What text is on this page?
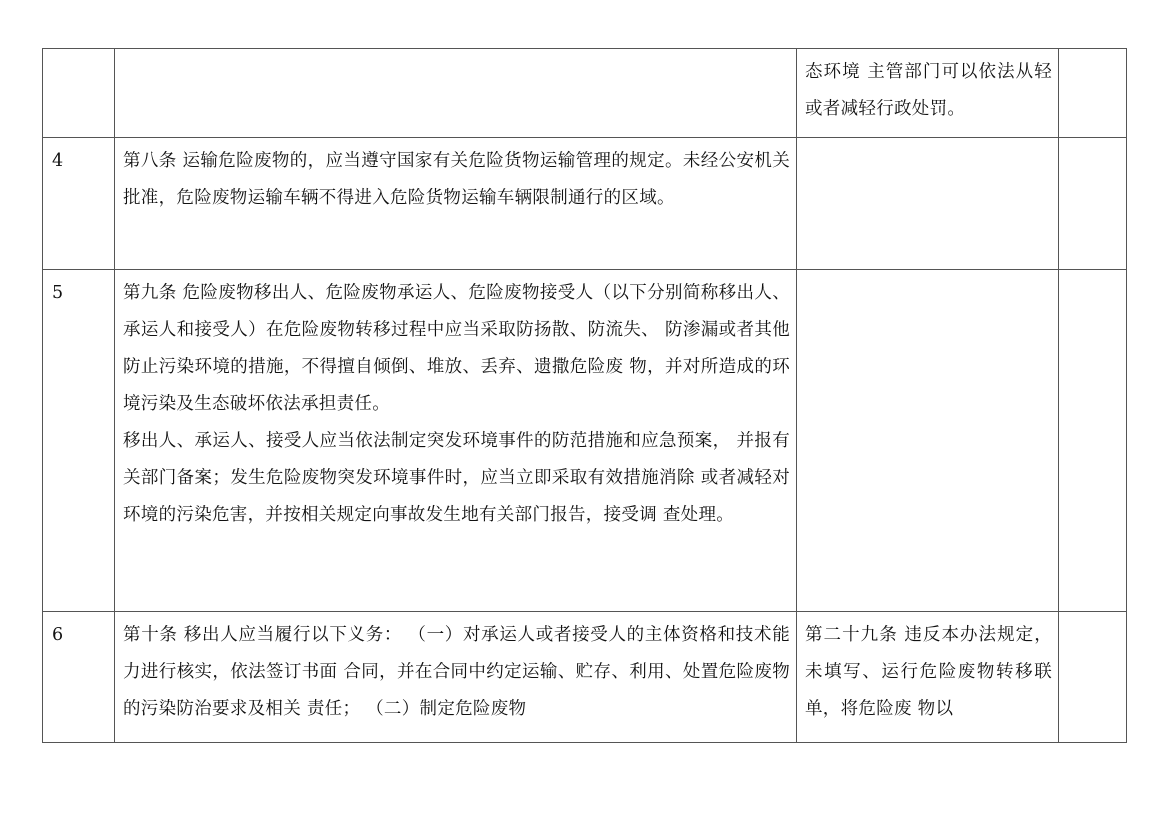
		态环境 主管部门可以依法从轻或者减轻行政处罚。	

4	第八条 运输危险废物的，应当遵守国家有关危险货物运输管理的规定。未经公安机关批准，危险废物运输车辆不得进入危险货物运输车辆限制通行的区域。		

5	第九条 危险废物移出人、危险废物承运人、危险废物接受人（以下分别简称移出人、承运人和接受人）在危险废物转移过程中应当采取防扬散、防流失、 防渗漏或者其他防止污染环境的措施，不得擅自倾倒、堆放、丢弃、遗撒危险废 物，并对所造成的环境污染及生态破坏依法承担责任。

移出人、承运人、接受人应当依法制定突发环境事件的防范措施和应急预案， 并报有关部门备案；发生危险废物突发环境事件时，应当立即采取有效措施消除 或者减轻对环境的污染危害，并按相关规定向事故发生地有关部门报告，接受调 查处理。		

6	第十条 移出人应当履行以下义务： （一）对承运人或者接受人的主体资格和技术能力进行核实，依法签订书面 合同，并在合同中约定运输、贮存、利用、处置危险废物的污染防治要求及相关 责任； （二）制定危险废物	第二十九条 违反本办法规定，未填写、运行危险废物转移联单，将危险废 物以	
